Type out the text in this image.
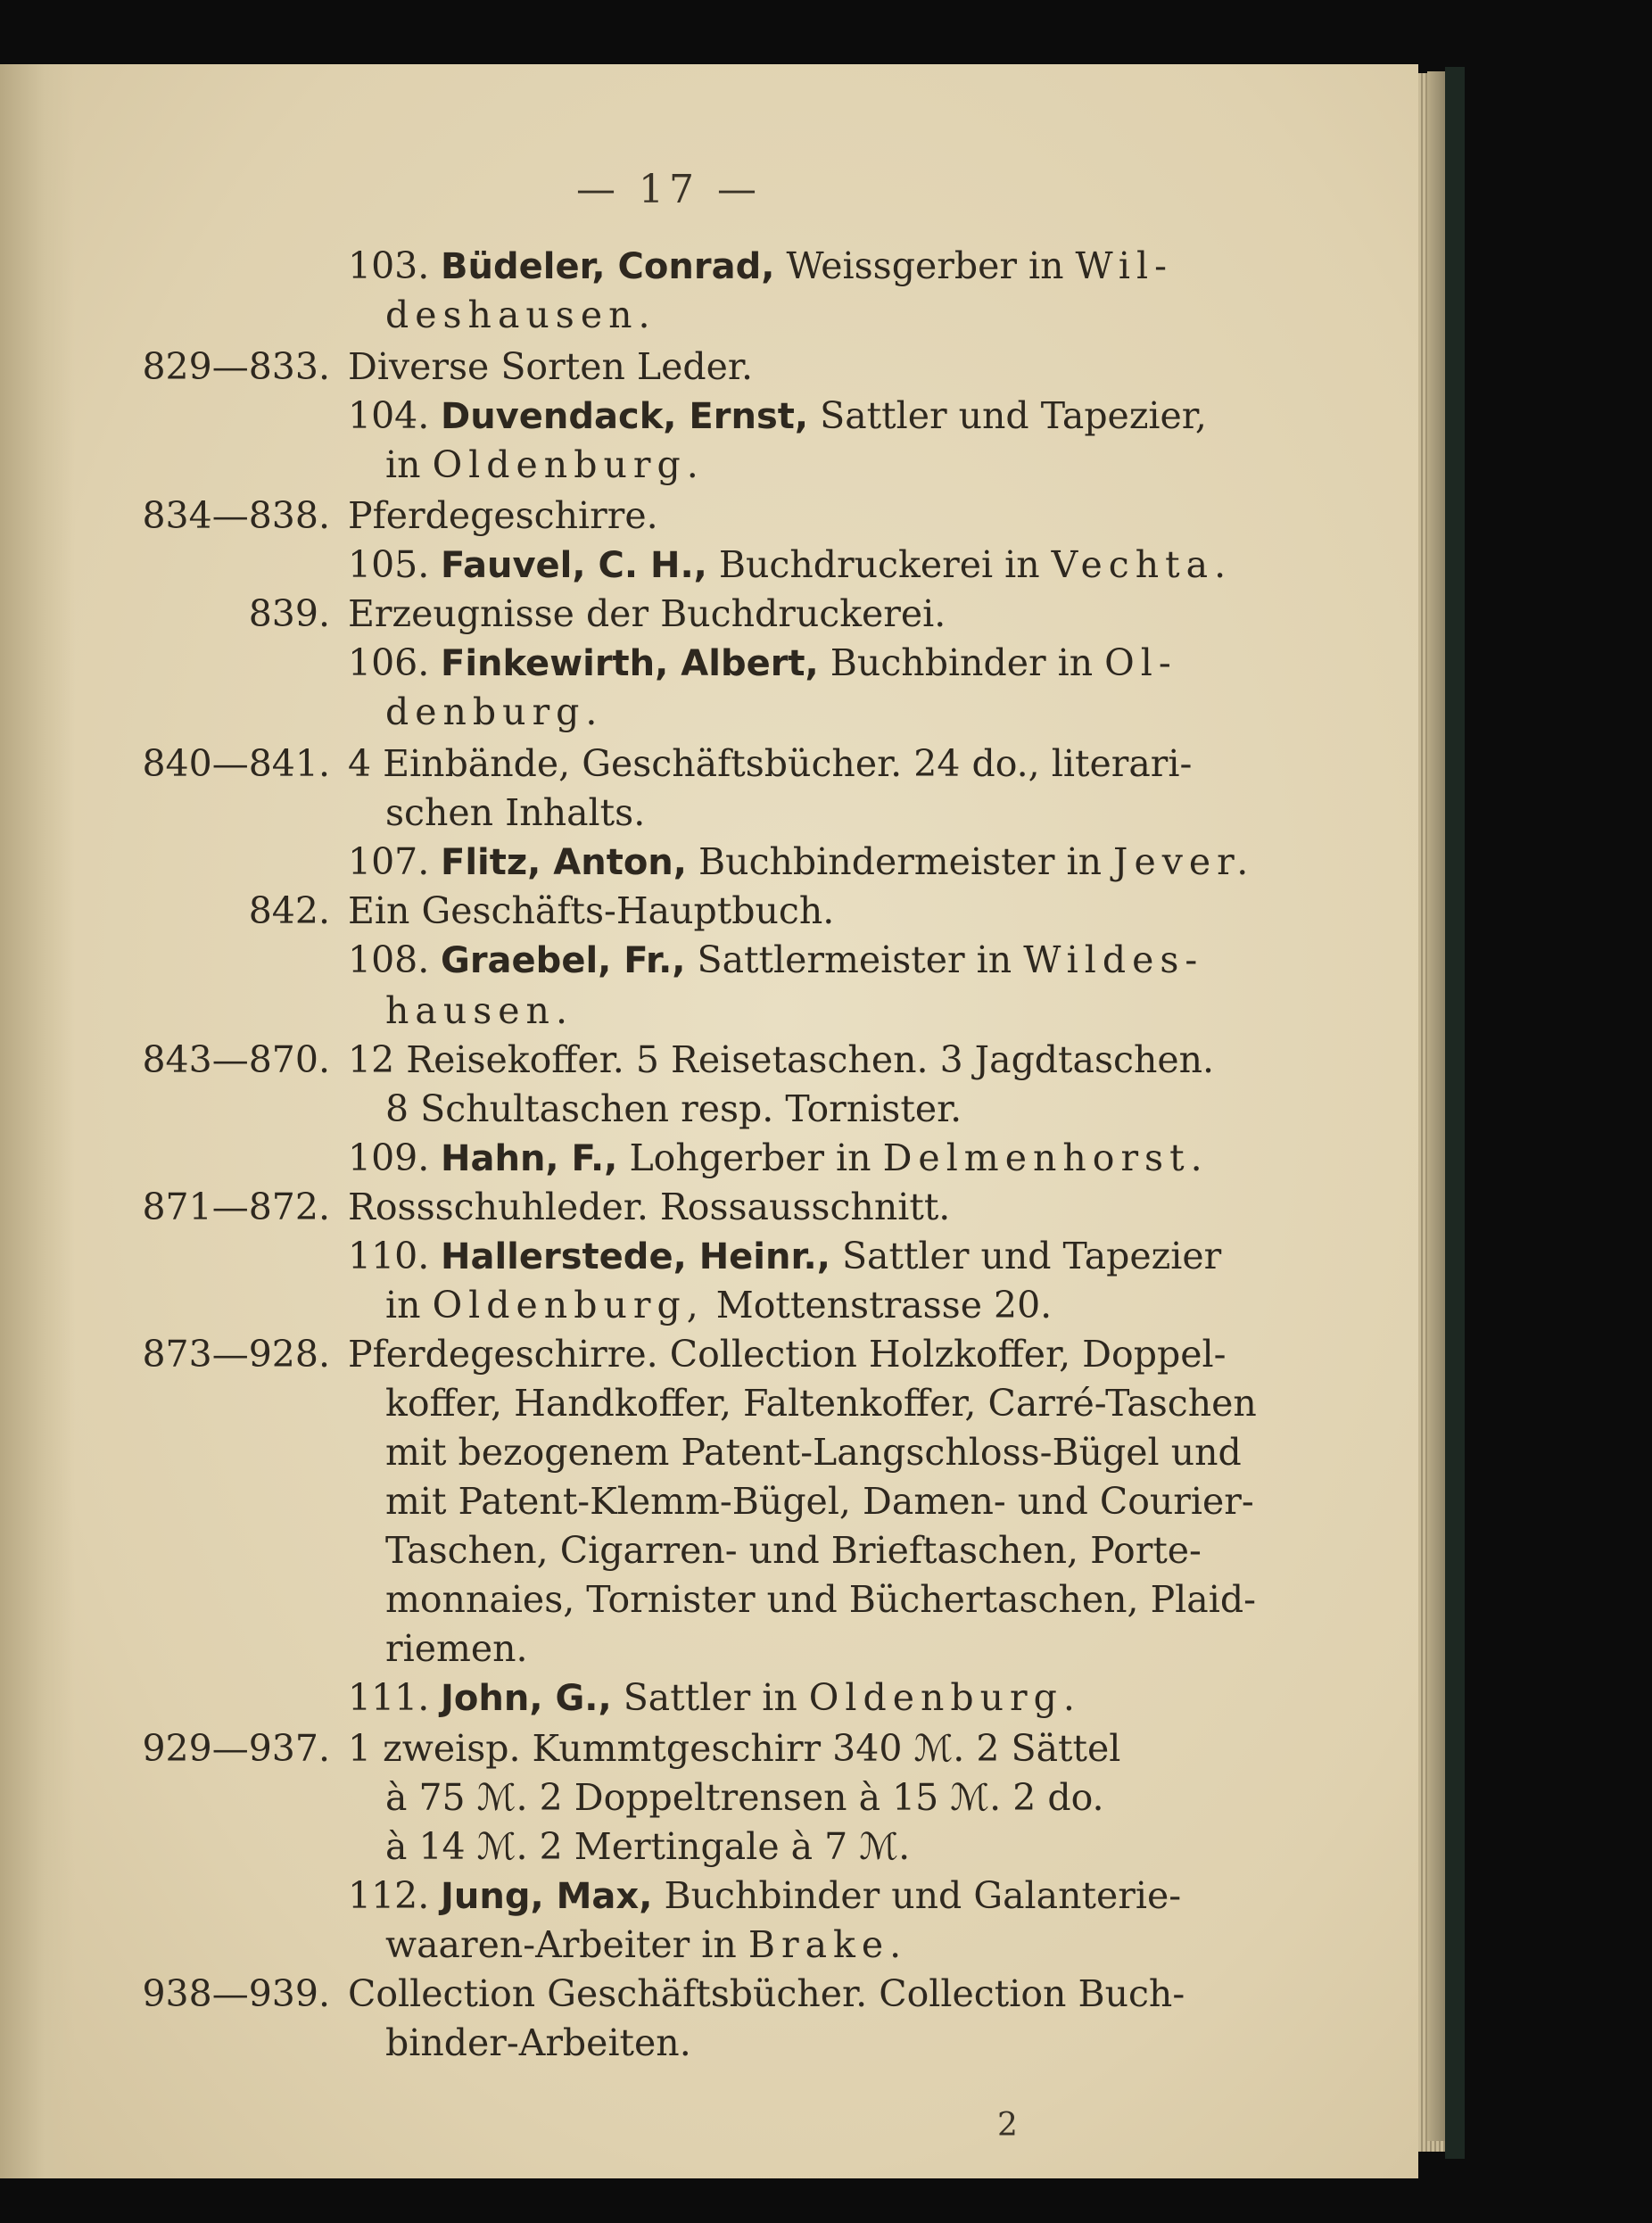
— 17 —
103. Büdeler, Conrad, Weissgerber in Wil-
deshausen.
829—833. Diverse Sorten Leder.
104. Duvendack, Ernst, Sattler und Tapezier,
in Oldenburg.
834—838. Pferdegeschirre.
105. Fauvel, C. H., Buchdruckerei in Vechta.
839. Erzeugnisse der Buchdruckerei.
106. Finkewirth, Albert, Buchbinder in Ol-
denburg.
840—841. 4 Einbände, Geschäftsbücher. 24 do., literari-
schen Inhalts.
107. Flitz, Anton, Buchbindermeister in Jever.
842. Ein Geschäfts-Hauptbuch.
108. Graebel, Fr., Sattlermeister in Wildes-
hausen.
843—870. 12 Reisekoffer. 5 Reisetaschen. 3 Jagdtaschen.
8 Schultaschen resp. Tornister.
109. Hahn, F., Lohgerber in Delmenhorst.
871—872. Rossschuhleder. Rossausschnitt.
110. Hallerstede, Heinr., Sattler und Tapezier
in Oldenburg, Mottenstrasse 20.
873—928. Pferdegeschirre. Collection Holzkoffer, Doppel-
koffer, Handkoffer, Faltenkoffer, Carré-Taschen
mit bezogenem Patent-Langschloss-Bügel und
mit Patent-Klemm-Bügel, Damen- und Courier-
Taschen, Cigarren- und Brieftaschen, Porte-
monnaies, Tornister und Büchertaschen, Plaid-
riemen.
111. John, G., Sattler in Oldenburg.
929—937. 1 zweisp. Kummtgeschirr 340 ℳ. 2 Sättel
à 75 ℳ. 2 Doppeltrensen à 15 ℳ. 2 do.
à 14 ℳ. 2 Mertingale à 7 ℳ.
112. Jung, Max, Buchbinder und Galanterie-
waaren-Arbeiter in Brake.
938—939. Collection Geschäftsbücher. Collection Buch-
binder-Arbeiten.
2
